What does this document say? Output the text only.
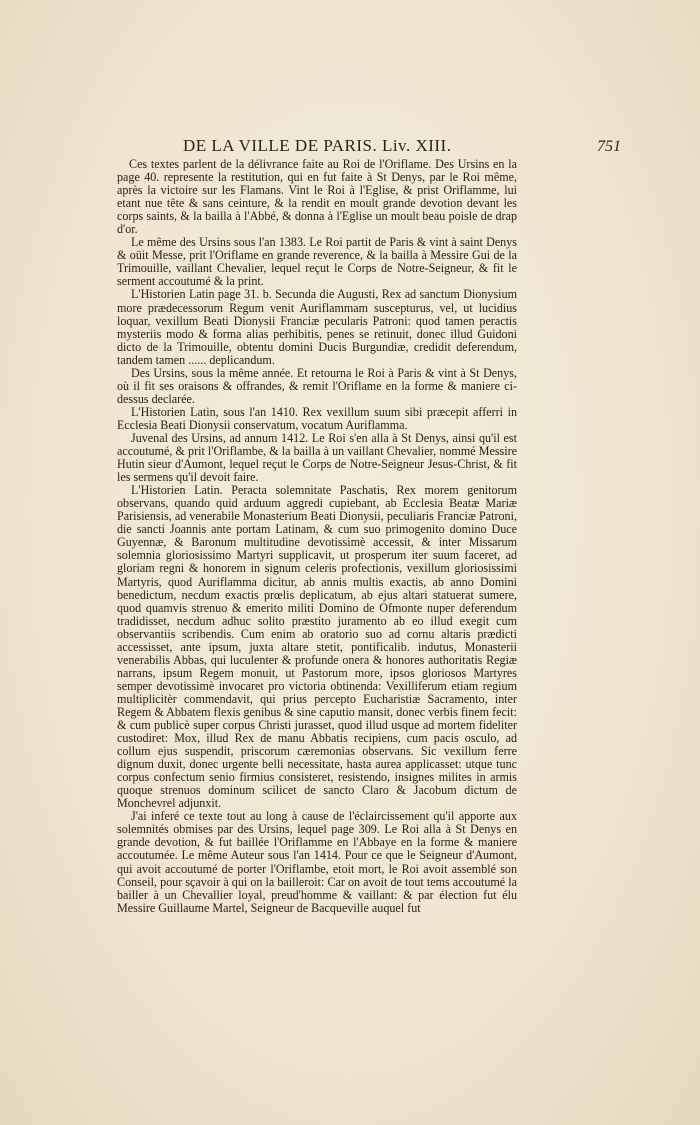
DE LA VILLE DE PARIS. Liv. XIII.	751

Ces textes parlent de la délivrance faite au Roi de l'Oriflame. Des Ursins en la page 40. represente la restitution, qui en fut faite à St Denys, par le Roi même, après la victoire sur les Flamans. Vint le Roi à l'Eglise, & prist Oriflamme, lui etant nue tête & sans ceinture, & la rendit en moult grande devotion devant les corps saints, & la bailla à l'Abbé, & donna à l'Eglise un moult beau poisle de drap d'or.

Le même des Ursins sous l'an 1383. Le Roi partit de Paris & vint à saint Denys & oüit Messe, prit l'Oriflame en grande reverence, & la bailla à Messire Gui de la Trimouille, vaillant Chevalier, lequel reçut le Corps de Notre-Seigneur, & fit le serment accoutumé & la print.

L'Historien Latin page 31. b. Secunda die Augusti, Rex ad sanctum Dionysium more prædecessorum Regum venit Auriflammam suscepturus, vel, ut lucidius loquar, vexillum Beati Dionysii Franciæ pecularis Patroni: quod tamen peractis mysteriis modo & forma alias perhibitis, penes se retinuit, donec illud Guidoni dicto de la Trimouille, obtentu domini Ducis Burgundiæ, credidit deferendum, tandem tamen ...... deplicandum.

Des Ursins, sous la même année. Et retourna le Roi à Paris & vint à St Denys, où il fit ses oraisons & offrandes, & remit l'Oriflame en la forme & maniere ci-dessus declarée.

L'Historien Latin, sous l'an 1410. Rex vexillum suum sibi præcepit afferri in Ecclesia Beati Dionysii conservatum, vocatum Auriflamma.

Juvenal des Ursins, ad annum 1412. Le Roi s'en alla à St Denys, ainsi qu'il est accoutumé, & prit l'Oriflambe, & la bailla à un vaillant Chevalier, nommé Messire Hutin sieur d'Aumont, lequel reçut le Corps de Notre-Seigneur Jesus-Christ, & fit les sermens qu'il devoit faire.

L'Historien Latin. Peracta solemnitate Paschatis, Rex morem genitorum observans, quando quid arduum aggredi cupiebant, ab Ecclesia Beatæ Mariæ Parisiensis, ad venerabile Monasterium Beati Dionysii, peculiaris Franciæ Patroni, die sancti Joannis ante portam Latinam, & cum suo primogenito domino Duce Guyennæ, & Baronum multitudine devotissimè accessit, & inter Missarum solemnia gloriosissimo Martyri supplicavit, ut prosperum iter suum faceret, ad gloriam regni & honorem in signum celeris profectionis, vexillum gloriosissimi Martyris, quod Auriflamma dicitur, ab annis multis exactis, ab anno Domini benedictum, necdum exactis prœlis deplicatum, ab ejus altari statuerat sumere, quod quamvis strenuo & emerito militi Domino de Ofmonte nuper deferendum tradidisset, necdum adhuc solito præstito juramento ab eo illud exegit cum observantiis scribendis. Cum enim ab oratorio suo ad cornu altaris prædicti accessisset, ante ipsum, juxta altare stetit, pontificalib. indutus, Monasterii venerabilis Abbas, qui luculenter & profunde onera & honores authoritatis Regiæ narrans, ipsum Regem monuit, ut Pastorum more, ipsos gloriosos Martyres semper devotissimè invocaret pro victoria obtinenda: Vexilliferum etiam regium multiplicitèr commendavit, qui prius percepto Eucharistiæ Sacramento, inter Regem & Abbatem flexis genibus & sine caputio mansit, donec verbis finem fecit: & cum publicè super corpus Christi jurasset, quod illud usque ad mortem fideliter custodiret: Mox, illud Rex de manu Abbatis recipiens, cum pacis osculo, ad collum ejus suspendit, priscorum cæremonias observans. Sic vexillum ferre dignum duxit, donec urgente belli necessitate, hasta aurea applicasset: utque tunc corpus confectum senio firmius consisteret, resistendo, insignes milites in armis quoque strenuos dominum scilicet de sancto Claro & Jacobum dictum de Monchevrel adjunxit.

J'ai inferé ce texte tout au long à cause de l'éclaircissement qu'il apporte aux solemnités obmises par des Ursins, lequel page 309. Le Roi alla à St Denys en grande devotion, & fut baillée l'Oriflamme en l'Abbaye en la forme & maniere accoutumée. Le même Auteur sous l'an 1414. Pour ce que le Seigneur d'Aumont, qui avoit accoutumé de porter l'Oriflambe, etoit mort, le Roi avoit assemblé son Conseil, pour sçavoir à qui on la bailleroit: Car on avoit de tout tems accoutumé la bailler à un Chevallier loyal, preud'homme & vaillant: & par élection fut élu Messire Guillaume Martel, Seigneur de Bacqueville auquel fut
